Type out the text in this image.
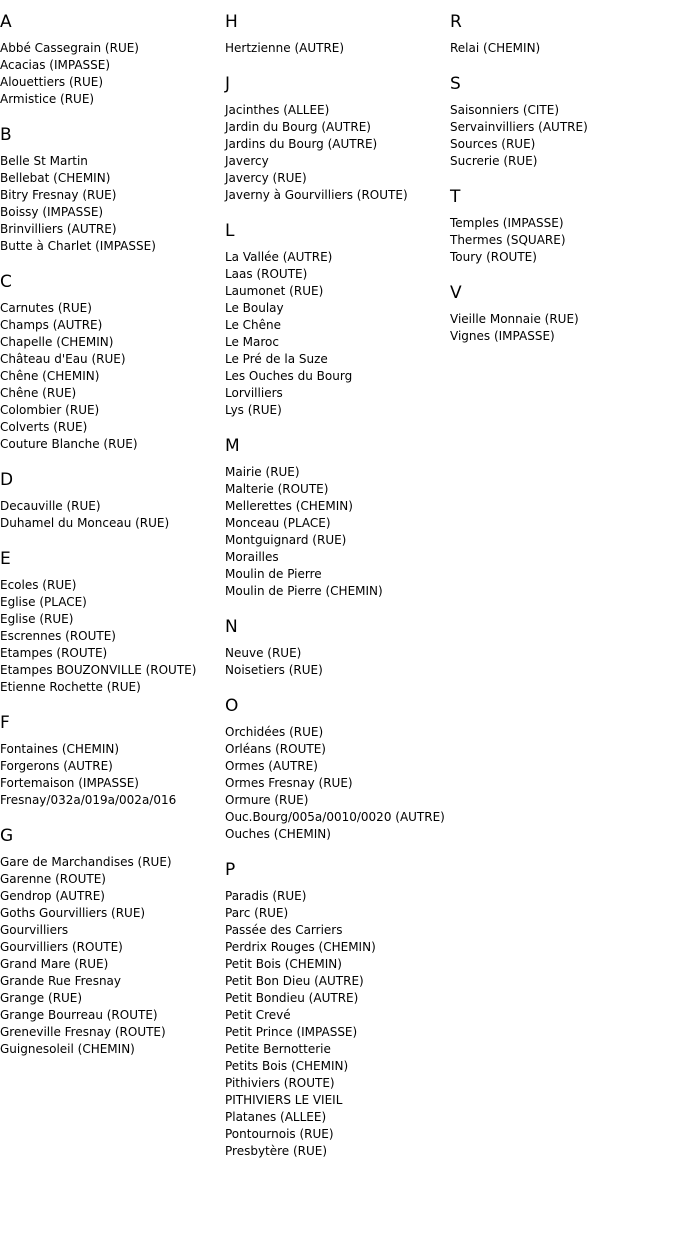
A
Abbé Cassegrain (RUE)
Acacias (IMPASSE)
Alouettiers (RUE)
Armistice (RUE)
B
Belle St Martin
Bellebat (CHEMIN)
Bitry Fresnay (RUE)
Boissy (IMPASSE)
Brinvilliers (AUTRE)
Butte à Charlet (IMPASSE)
C
Carnutes (RUE)
Champs (AUTRE)
Chapelle (CHEMIN)
Château d'Eau (RUE)
Chêne (CHEMIN)
Chêne (RUE)
Colombier (RUE)
Colverts (RUE)
Couture Blanche (RUE)
D
Decauville (RUE)
Duhamel du Monceau (RUE)
E
Ecoles (RUE)
Eglise (PLACE)
Eglise (RUE)
Escrennes (ROUTE)
Etampes (ROUTE)
Etampes BOUZONVILLE (ROUTE)
Etienne Rochette (RUE)
F
Fontaines (CHEMIN)
Forgerons (AUTRE)
Fortemaison (IMPASSE)
Fresnay/032a/019a/002a/016
G
Gare de Marchandises (RUE)
Garenne (ROUTE)
Gendrop (AUTRE)
Goths Gourvilliers (RUE)
Gourvilliers
Gourvilliers (ROUTE)
Grand Mare (RUE)
Grande Rue Fresnay
Grange (RUE)
Grange Bourreau (ROUTE)
Greneville Fresnay (ROUTE)
Guignesoleil (CHEMIN)
H
Hertzienne (AUTRE)
J
Jacinthes (ALLEE)
Jardin du Bourg (AUTRE)
Jardins du Bourg (AUTRE)
Javercy
Javercy (RUE)
Javerny à Gourvilliers (ROUTE)
L
La Vallée (AUTRE)
Laas (ROUTE)
Laumonet (RUE)
Le Boulay
Le Chêne
Le Maroc
Le Pré de la Suze
Les Ouches du Bourg
Lorvilliers
Lys (RUE)
M
Mairie (RUE)
Malterie (ROUTE)
Mellerettes (CHEMIN)
Monceau (PLACE)
Montguignard (RUE)
Morailles
Moulin de Pierre
Moulin de Pierre (CHEMIN)
N
Neuve (RUE)
Noisetiers (RUE)
O
Orchidées (RUE)
Orléans (ROUTE)
Ormes (AUTRE)
Ormes Fresnay (RUE)
Ormure (RUE)
Ouc.Bourg/005a/0010/0020 (AUTRE)
Ouches (CHEMIN)
P
Paradis (RUE)
Parc (RUE)
Passée des Carriers
Perdrix Rouges (CHEMIN)
Petit Bois (CHEMIN)
Petit Bon Dieu (AUTRE)
Petit Bondieu (AUTRE)
Petit Crevé
Petit Prince (IMPASSE)
Petite Bernotterie
Petits Bois (CHEMIN)
Pithiviers (ROUTE)
PITHIVIERS LE VIEIL
Platanes (ALLEE)
Pontournois (RUE)
Presbytère (RUE)
R
Relai (CHEMIN)
S
Saisonniers (CITE)
Servainvilliers (AUTRE)
Sources (RUE)
Sucrerie (RUE)
T
Temples (IMPASSE)
Thermes (SQUARE)
Toury (ROUTE)
V
Vieille Monnaie (RUE)
Vignes (IMPASSE)
